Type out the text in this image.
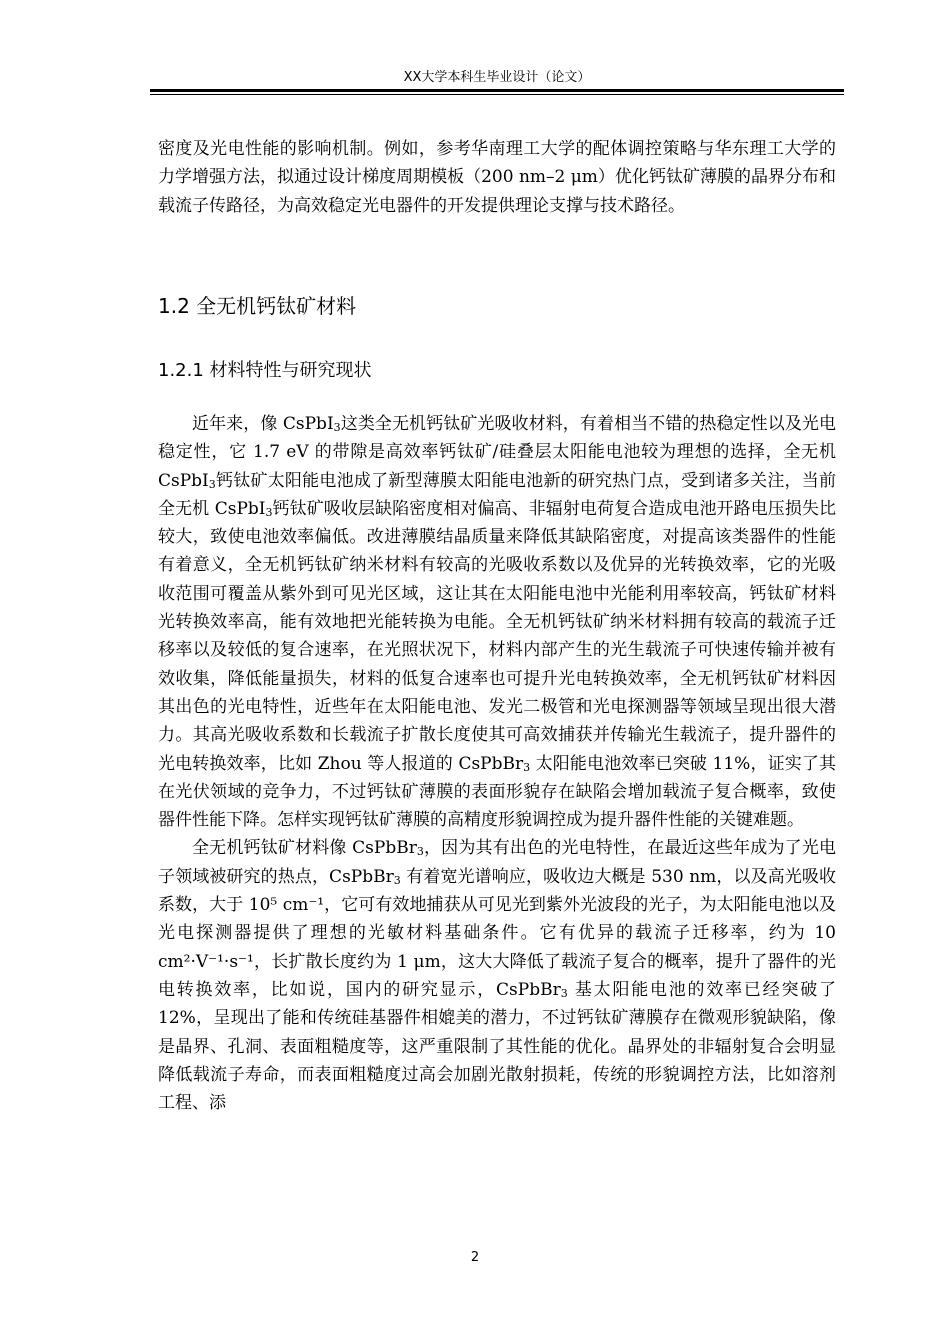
XX大学本科生毕业设计（论文）

密度及光电性能的影响机制。例如，参考华南理工大学的配体调控策略与华东理工大学的力学增强方法，拟通过设计梯度周期模板（200 nm–2 μm）优化钙钛矿薄膜的晶界分布和载流子传路径，为高效稳定光电器件的开发提供理论支撑与技术路径。

1.2 全无机钙钛矿材料
1.2.1 材料特性与研究现状

近年来，像 CsPbI$_3$这类全无机钙钛矿光吸收材料，有着相当不错的热稳定性以及光电稳定性，它 1.7 eV 的带隙是高效率钙钛矿/硅叠层太阳能电池较为理想的选择，全无机 CsPbI$_3$钙钛矿太阳能电池成了新型薄膜太阳能电池新的研究热门点，受到诸多关注，当前全无机 CsPbI$_3$钙钛矿吸收层缺陷密度相对偏高、非辐射电荷复合造成电池开路电压损失比较大，致使电池效率偏低。改进薄膜结晶质量来降低其缺陷密度，对提高该类器件的性能有着意义，全无机钙钛矿纳米材料有较高的光吸收系数以及优异的光转换效率，它的光吸收范围可覆盖从紫外到可见光区域，这让其在太阳能电池中光能利用率较高，钙钛矿材料光转换效率高，能有效地把光能转换为电能。全无机钙钛矿纳米材料拥有较高的载流子迁移率以及较低的复合速率，在光照状况下，材料内部产生的光生载流子可快速传输并被有效收集，降低能量损失，材料的低复合速率也可提升光电转换效率，全无机钙钛矿材料因其出色的光电特性，近些年在太阳能电池、发光二极管和光电探测器等领域呈现出很大潜力。其高光吸收系数和长载流子扩散长度使其可高效捕获并传输光生载流子，提升器件的光电转换效率，比如 Zhou 等人报道的 CsPbBr$_3$ 太阳能电池效率已突破 11%，证实了其在光伏领域的竞争力，不过钙钛矿薄膜的表面形貌存在缺陷会增加载流子复合概率，致使器件性能下降。怎样实现钙钛矿薄膜的高精度形貌调控成为提升器件性能的关键难题。

全无机钙钛矿材料像 CsPbBr$_3$，因为其有出色的光电特性，在最近这些年成为了光电子领域被研究的热点，CsPbBr$_3$ 有着宽光谱响应，吸收边大概是 530 nm，以及高光吸收系数，大于 10⁵ cm⁻¹，它可有效地捕获从可见光到紫外光波段的光子，为太阳能电池以及光电探测器提供了理想的光敏材料基础条件。它有优异的载流子迁移率，约为 10 cm²·V⁻¹·s⁻¹，长扩散长度约为 1 μm，这大大降低了载流子复合的概率，提升了器件的光电转换效率，比如说，国内的研究显示，CsPbBr$_3$ 基太阳能电池的效率已经突破了 12%，呈现出了能和传统硅基器件相媲美的潜力，不过钙钛矿薄膜存在微观形貌缺陷，像是晶界、孔洞、表面粗糙度等，这严重限制了其性能的优化。晶界处的非辐射复合会明显降低载流子寿命，而表面粗糙度过高会加剧光散射损耗，传统的形貌调控方法，比如溶剂工程、添

2
